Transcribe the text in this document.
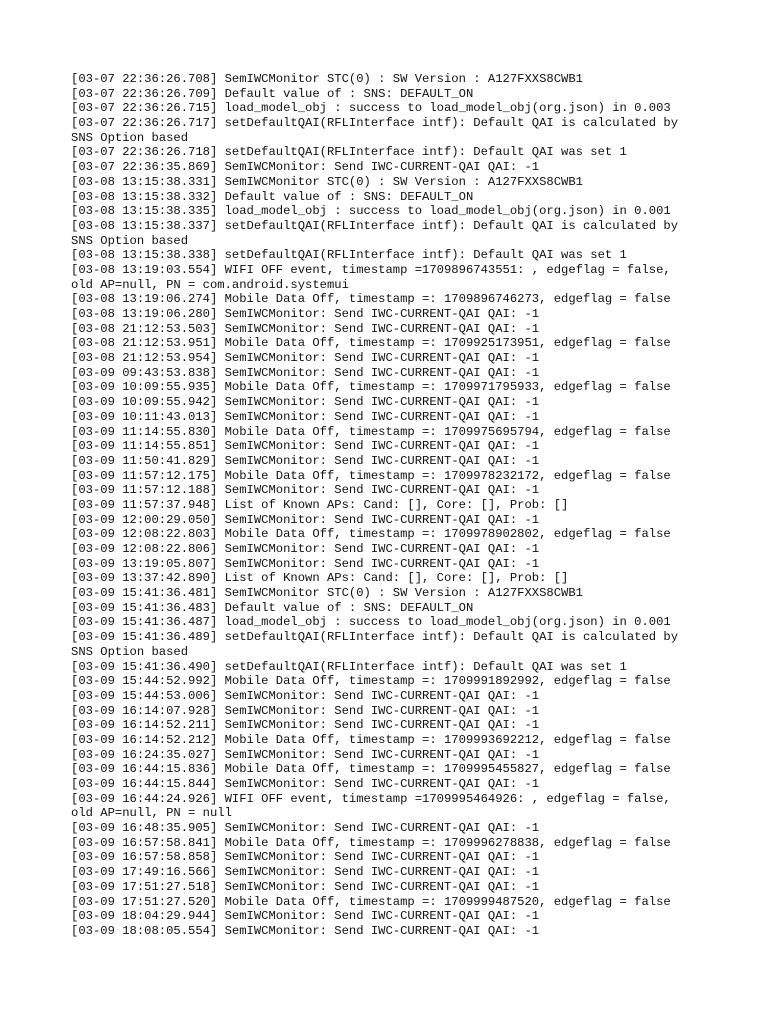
[03-07 22:36:26.708] SemIWCMonitor STC(0) : SW Version : A127FXXS8CWB1
[03-07 22:36:26.709] Default value of : SNS: DEFAULT_ON
[03-07 22:36:26.715] load_model_obj : success to load_model_obj(org.json) in 0.003
[03-07 22:36:26.717] setDefaultQAI(RFLInterface intf): Default QAI is calculated by
SNS Option based
[03-07 22:36:26.718] setDefaultQAI(RFLInterface intf): Default QAI was set 1
[03-07 22:36:35.869] SemIWCMonitor: Send IWC-CURRENT-QAI QAI: -1
[03-08 13:15:38.331] SemIWCMonitor STC(0) : SW Version : A127FXXS8CWB1
[03-08 13:15:38.332] Default value of : SNS: DEFAULT_ON
[03-08 13:15:38.335] load_model_obj : success to load_model_obj(org.json) in 0.001
[03-08 13:15:38.337] setDefaultQAI(RFLInterface intf): Default QAI is calculated by
SNS Option based
[03-08 13:15:38.338] setDefaultQAI(RFLInterface intf): Default QAI was set 1
[03-08 13:19:03.554] WIFI OFF event, timestamp =1709896743551: , edgeflag = false,
old AP=null, PN = com.android.systemui
[03-08 13:19:06.274] Mobile Data Off, timestamp =: 1709896746273, edgeflag = false
[03-08 13:19:06.280] SemIWCMonitor: Send IWC-CURRENT-QAI QAI: -1
[03-08 21:12:53.503] SemIWCMonitor: Send IWC-CURRENT-QAI QAI: -1
[03-08 21:12:53.951] Mobile Data Off, timestamp =: 1709925173951, edgeflag = false
[03-08 21:12:53.954] SemIWCMonitor: Send IWC-CURRENT-QAI QAI: -1
[03-09 09:43:53.838] SemIWCMonitor: Send IWC-CURRENT-QAI QAI: -1
[03-09 10:09:55.935] Mobile Data Off, timestamp =: 1709971795933, edgeflag = false
[03-09 10:09:55.942] SemIWCMonitor: Send IWC-CURRENT-QAI QAI: -1
[03-09 10:11:43.013] SemIWCMonitor: Send IWC-CURRENT-QAI QAI: -1
[03-09 11:14:55.830] Mobile Data Off, timestamp =: 1709975695794, edgeflag = false
[03-09 11:14:55.851] SemIWCMonitor: Send IWC-CURRENT-QAI QAI: -1
[03-09 11:50:41.829] SemIWCMonitor: Send IWC-CURRENT-QAI QAI: -1
[03-09 11:57:12.175] Mobile Data Off, timestamp =: 1709978232172, edgeflag = false
[03-09 11:57:12.188] SemIWCMonitor: Send IWC-CURRENT-QAI QAI: -1
[03-09 11:57:37.948] List of Known APs: Cand: [], Core: [], Prob: []
[03-09 12:00:29.050] SemIWCMonitor: Send IWC-CURRENT-QAI QAI: -1
[03-09 12:08:22.803] Mobile Data Off, timestamp =: 1709978902802, edgeflag = false
[03-09 12:08:22.806] SemIWCMonitor: Send IWC-CURRENT-QAI QAI: -1
[03-09 13:19:05.807] SemIWCMonitor: Send IWC-CURRENT-QAI QAI: -1
[03-09 13:37:42.890] List of Known APs: Cand: [], Core: [], Prob: []
[03-09 15:41:36.481] SemIWCMonitor STC(0) : SW Version : A127FXXS8CWB1
[03-09 15:41:36.483] Default value of : SNS: DEFAULT_ON
[03-09 15:41:36.487] load_model_obj : success to load_model_obj(org.json) in 0.001
[03-09 15:41:36.489] setDefaultQAI(RFLInterface intf): Default QAI is calculated by
SNS Option based
[03-09 15:41:36.490] setDefaultQAI(RFLInterface intf): Default QAI was set 1
[03-09 15:44:52.992] Mobile Data Off, timestamp =: 1709991892992, edgeflag = false
[03-09 15:44:53.006] SemIWCMonitor: Send IWC-CURRENT-QAI QAI: -1
[03-09 16:14:07.928] SemIWCMonitor: Send IWC-CURRENT-QAI QAI: -1
[03-09 16:14:52.211] SemIWCMonitor: Send IWC-CURRENT-QAI QAI: -1
[03-09 16:14:52.212] Mobile Data Off, timestamp =: 1709993692212, edgeflag = false
[03-09 16:24:35.027] SemIWCMonitor: Send IWC-CURRENT-QAI QAI: -1
[03-09 16:44:15.836] Mobile Data Off, timestamp =: 1709995455827, edgeflag = false
[03-09 16:44:15.844] SemIWCMonitor: Send IWC-CURRENT-QAI QAI: -1
[03-09 16:44:24.926] WIFI OFF event, timestamp =1709995464926: , edgeflag = false,
old AP=null, PN = null
[03-09 16:48:35.905] SemIWCMonitor: Send IWC-CURRENT-QAI QAI: -1
[03-09 16:57:58.841] Mobile Data Off, timestamp =: 1709996278838, edgeflag = false
[03-09 16:57:58.858] SemIWCMonitor: Send IWC-CURRENT-QAI QAI: -1
[03-09 17:49:16.566] SemIWCMonitor: Send IWC-CURRENT-QAI QAI: -1
[03-09 17:51:27.518] SemIWCMonitor: Send IWC-CURRENT-QAI QAI: -1
[03-09 17:51:27.520] Mobile Data Off, timestamp =: 1709999487520, edgeflag = false
[03-09 18:04:29.944] SemIWCMonitor: Send IWC-CURRENT-QAI QAI: -1
[03-09 18:08:05.554] SemIWCMonitor: Send IWC-CURRENT-QAI QAI: -1
